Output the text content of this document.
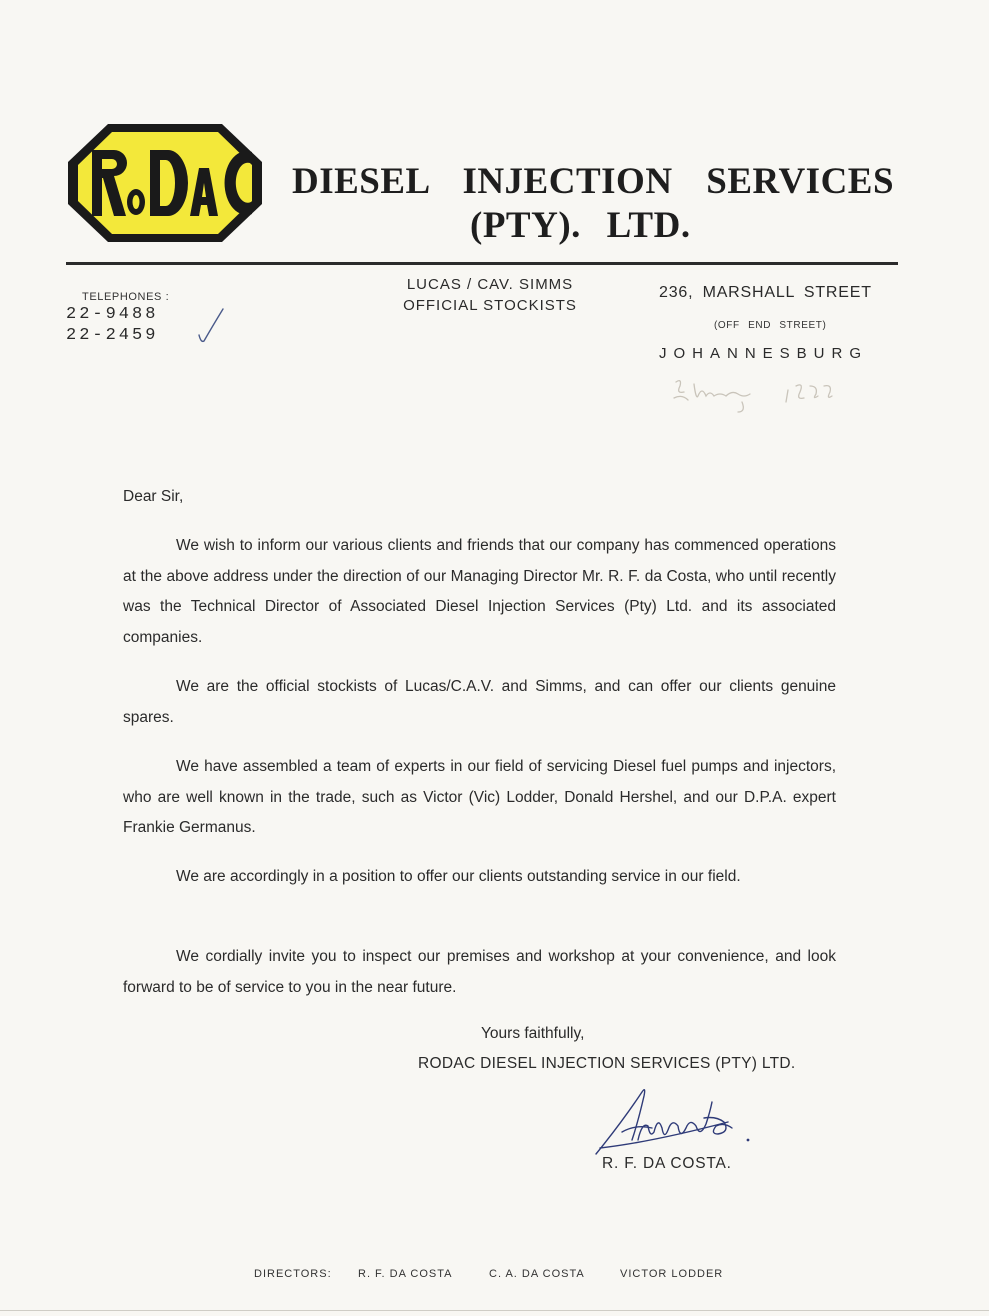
DIESEL INJECTION SERVICES
(PTY). LTD.
TELEPHONES :
22-9488
22-2459
LUCAS / CAV. SIMMS
OFFICIAL STOCKISTS
236, MARSHALL STREET
(OFF END STREET)
JOHANNESBURG
Dear Sir,

We wish to inform our various clients and friends that our company has commenced operations at the above address under the direction of our Managing Director Mr. R. F. da Costa, who until recently was the Technical Director of Associated Diesel Injection Services (Pty) Ltd. and its associated companies.

We are the official stockists of Lucas/C.A.V. and Simms, and can offer our clients genuine spares.

We have assembled a team of experts in our field of servicing Diesel fuel pumps and injectors, who are well known in the trade, such as Victor (Vic) Lodder, Donald Hershel, and our D.P.A. expert Frankie Germanus.

We are accordingly in a position to offer our clients outstanding service in our field.

We cordially invite you to inspect our premises and workshop at your convenience, and look forward to be of service to you in the near future.

Yours faithfully,
RODAC DIESEL INJECTION SERVICES (PTY) LTD.
R. F. DA COSTA.
DIRECTORS: R. F. DA COSTA	C. A. DA COSTA	VICTOR LODDER
